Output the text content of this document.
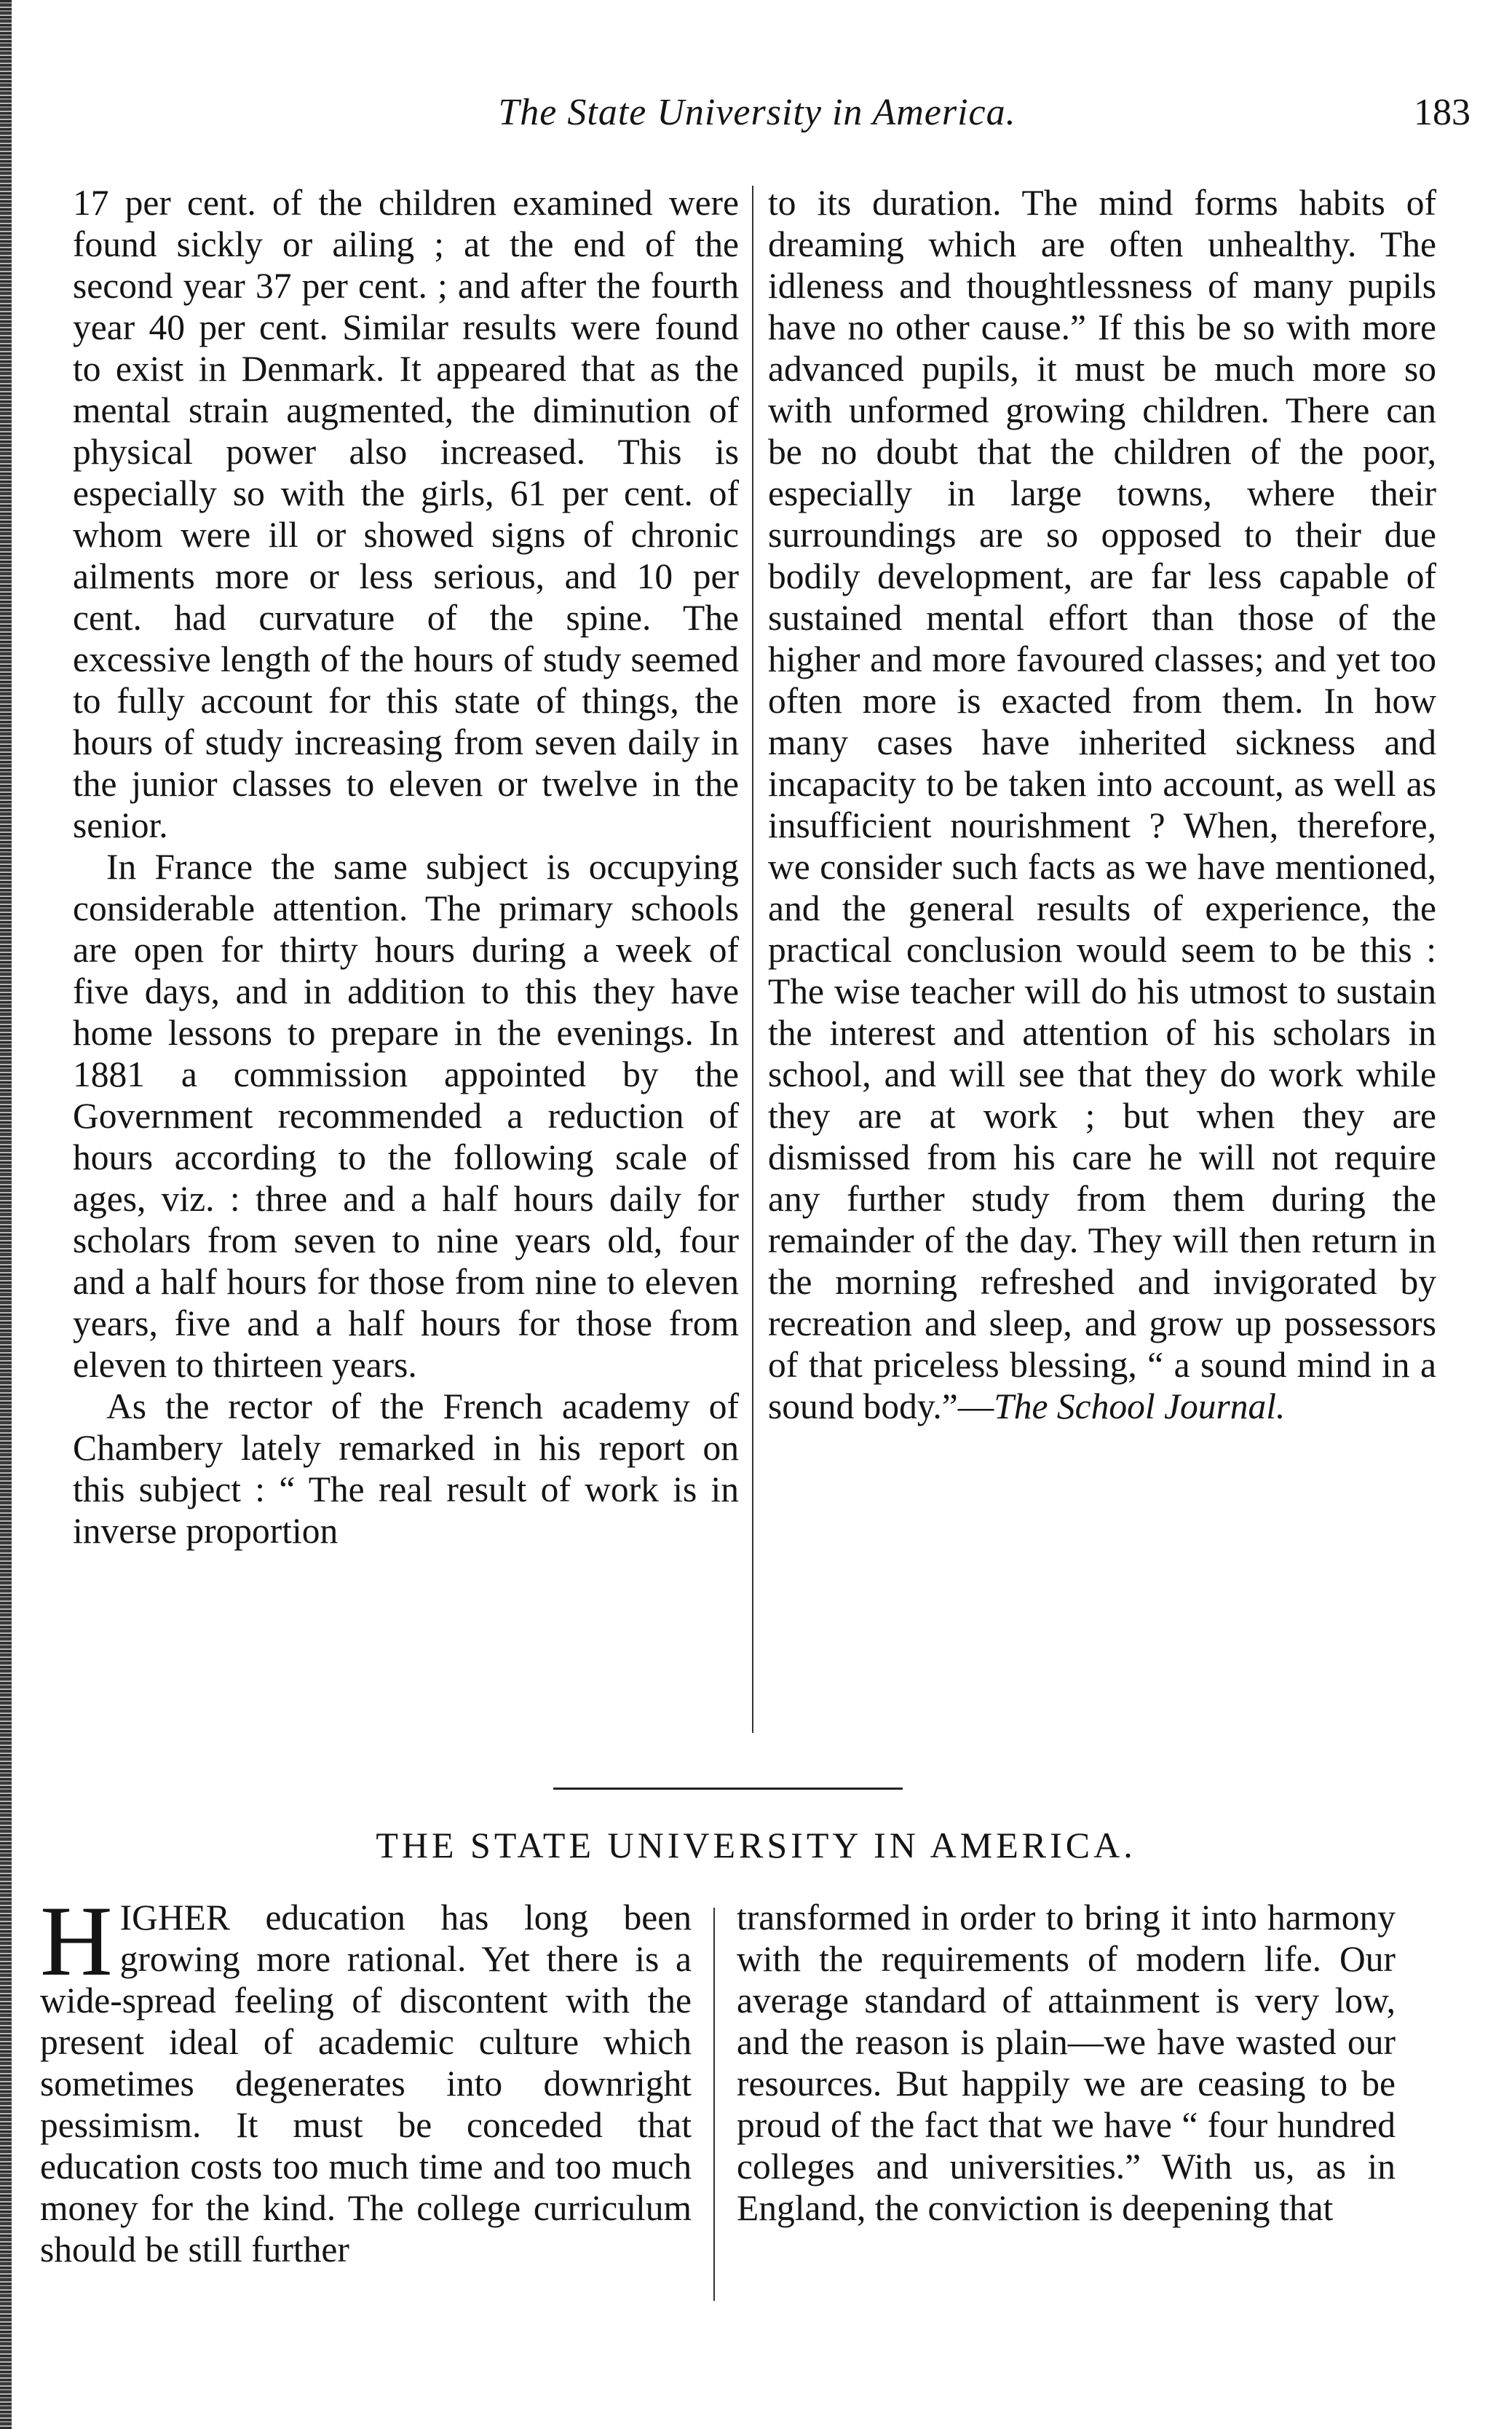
The State University in America.	183

17 per cent. of the children examined were found sickly or ailing ; at the end of the second year 37 per cent. ; and after the fourth year 40 per cent. Similar results were found to exist in Denmark. It appeared that as the mental strain augmented, the diminution of physical power also increased. This is especially so with the girls, 61 per cent. of whom were ill or showed signs of chronic ailments more or less serious, and 10 per cent. had curvature of the spine. The excessive length of the hours of study seemed to fully account for this state of things, the hours of study increasing from seven daily in the junior classes to eleven or twelve in the senior.

In France the same subject is occupying considerable attention. The primary schools are open for thirty hours during a week of five days, and in addition to this they have home lessons to prepare in the evenings. In 1881 a commission appointed by the Government recommended a reduction of hours according to the following scale of ages, viz. : three and a half hours daily for scholars from seven to nine years old, four and a half hours for those from nine to eleven years, five and a half hours for those from eleven to thirteen years.

As the rector of the French academy of Chambery lately remarked in his report on this subject : “ The real result of work is in inverse proportion

to its duration. The mind forms habits of dreaming which are often unhealthy. The idleness and thoughtlessness of many pupils have no other cause.” If this be so with more advanced pupils, it must be much more so with unformed growing children. There can be no doubt that the children of the poor, especially in large towns, where their surroundings are so opposed to their due bodily development, are far less capable of sustained mental effort than those of the higher and more favoured classes; and yet too often more is exacted from them. In how many cases have inherited sickness and incapacity to be taken into account, as well as insufficient nourishment ? When, therefore, we consider such facts as we have mentioned, and the general results of experience, the practical conclusion would seem to be this : The wise teacher will do his utmost to sustain the interest and attention of his scholars in school, and will see that they do work while they are at work ; but when they are dismissed from his care he will not require any further study from them during the remainder of the day. They will then return in the morning refreshed and invigorated by recreation and sleep, and grow up possessors of that priceless blessing, “ a sound mind in a sound body.”—The School Journal.

THE STATE UNIVERSITY IN AMERICA.

HIGHER education has long been growing more rational. Yet there is a wide-spread feeling of discontent with the present ideal of academic culture which sometimes degenerates into downright pessimism. It must be conceded that education costs too much time and too much money for the kind. The college curriculum should be still further

transformed in order to bring it into harmony with the requirements of modern life. Our average standard of attainment is very low, and the reason is plain—we have wasted our resources. But happily we are ceasing to be proud of the fact that we have “ four hundred colleges and universities.” With us, as in England, the conviction is deepening that
